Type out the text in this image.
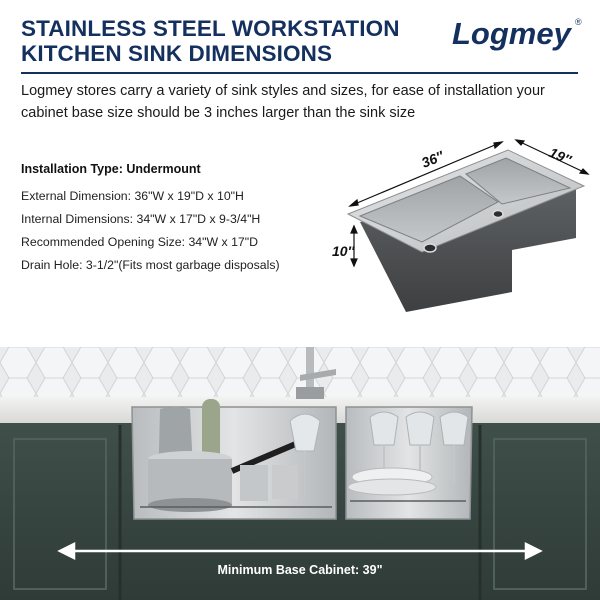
STAINLESS STEEL WORKSTATION
KITCHEN SINK DIMENSIONS
Logmey ®
Logmey stores carry a variety of sink styles and sizes, for ease of installation your cabinet base size should be 3 inches larger than the sink size
Installation Type: Undermount
External Dimension: 36"W x 19"D x 10"H
Internal Dimensions: 34"W x 17"D x 9-3/4"H
Recommended Opening Size: 34"W x 17"D
Drain Hole: 3-1/2"(Fits most garbage disposals)
36″	19″
10″
Minimum Base Cabinet: 39"
